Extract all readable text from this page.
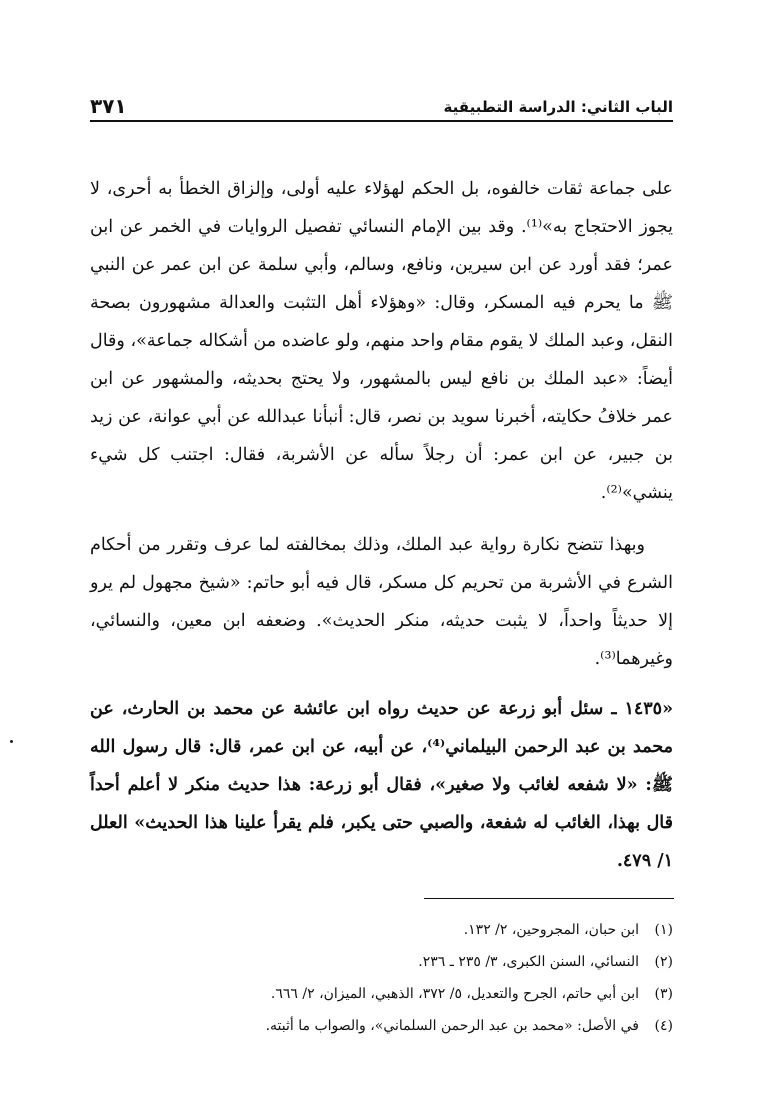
الباب الثاني: الدراسة التطبيقية
٣٧١

على جماعة ثقات خالفوه، بل الحكم لهؤلاء عليه أولى، وإلزاق الخطأ به أحرى، لا يجوز الاحتجاج به»⁽¹⁾. وقد بين الإمام النسائي تفصيل الروايات في الخمر عن ابن عمر؛ فقد أورد عن ابن سيرين، ونافع، وسالم، وأبي سلمة عن ابن عمر عن النبي ﷺ ما يحرم فيه المسكر، وقال: «وهؤلاء أهل التثبت والعدالة مشهورون بصحة النقل، وعبد الملك لا يقوم مقام واحد منهم، ولو عاضده من أشكاله جماعة»، وقال أيضاً: «عبد الملك بن نافع ليس بالمشهور، ولا يحتج بحديثه، والمشهور عن ابن عمر خلافُ حكايته، أخبرنا سويد بن نصر، قال: أنبأنا عبدالله عن أبي عوانة، عن زيد بن جبير، عن ابن عمر: أن رجلاً سأله عن الأشربة، فقال: اجتنب كل شيء ينشي»⁽²⁾.

وبهذا تتضح نكارة رواية عبد الملك، وذلك بمخالفته لما عرف وتقرر من أحكام الشرع في الأشربة من تحريم كل مسكر، قال فيه أبو حاتم: «شيخ مجهول لم يرو إلا حديثاً واحداً، لا يثبت حديثه، منكر الحديث». وضعفه ابن معين، والنسائي، وغيرهما⁽³⁾.

«١٤٣٥ ـ سئل أبو زرعة عن حديث رواه ابن عائشة عن محمد بن الحارث، عن محمد بن عبد الرحمن البيلماني⁽⁴⁾، عن أبيه، عن ابن عمر، قال: قال رسول الله ﷺ: «لا شفعه لغائب ولا صغير»، فقال أبو زرعة: هذا حديث منكر لا أعلم أحداً قال بهذا، الغائب له شفعة، والصبي حتى يكبر، فلم يقرأ علينا هذا الحديث» العلل ١/ ٤٧٩.

(١)
ابن حبان، المجروحين، ٢/ ١٣٢.
(٢)
النسائي، السنن الكبرى، ٣/ ٢٣٥ ـ ٢٣٦.
(٣)
ابن أبي حاتم، الجرح والتعديل، ٥/ ٣٧٢، الذهبي، الميزان، ٢/ ٦٦٦.
(٤)
في الأصل: «محمد بن عبد الرحمن السلماني»، والصواب ما أثبته.
